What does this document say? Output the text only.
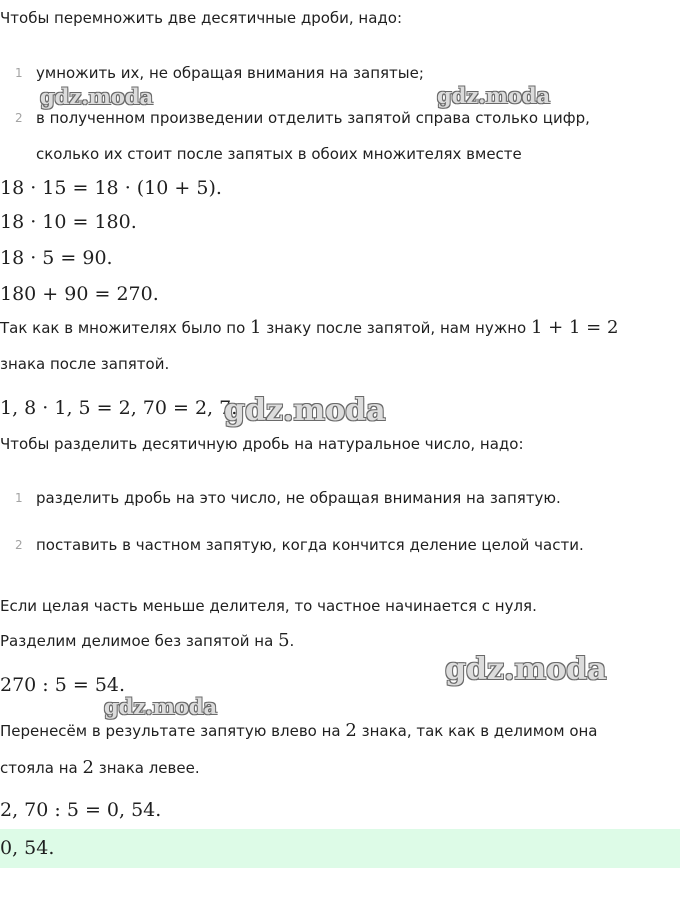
Чтобы перемножить две десятичные дроби, надо:
1 умножить их, не обращая внимания на запятые;
2 в полученном произведении отделить запятой справа столько цифр,
сколько их стоит после запятых в обоих множителях вместе
18 · 15 = 18 · (10 + 5).
18 · 10 = 180.
18 · 5 = 90.
180 + 90 = 270.
Так как в множителях было по 1 знаку после запятой, нам нужно 1 + 1 = 2
знака после запятой.
1, 8 · 1, 5 = 2, 70 = 2, 7.
Чтобы разделить десятичную дробь на натуральное число, надо:
1 разделить дробь на это число, не обращая внимания на запятую.
2 поставить в частном запятую, когда кончится деление целой части.
Если целая часть меньше делителя, то частное начинается с нуля.
Разделим делимое без запятой на 5.
270 : 5 = 54.
Перенесём в результате запятую влево на 2 знака, так как в делимом она
стояла на 2 знака левее.
2, 70 : 5 = 0, 54.
0, 54.
gdz.moda	gdz.moda
gdz.moda
gdz.moda
gdz.moda
